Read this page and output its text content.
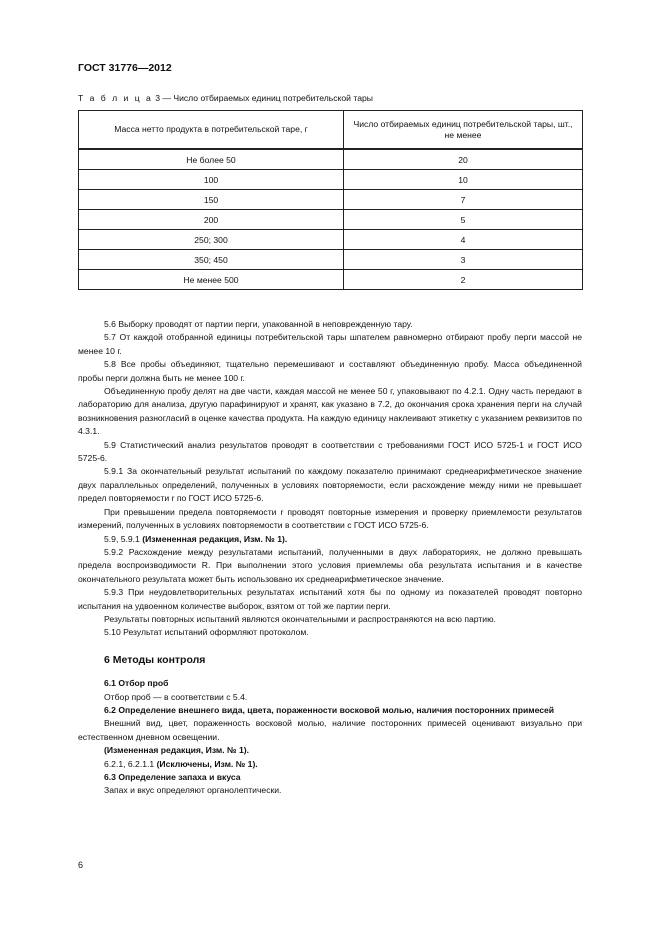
ГОСТ 31776—2012
Т а б л и ц а 3 — Число отбираемых единиц потребительской тары
Масса нетто продукта в потребительской таре, г	Число отбираемых единиц потребительской тары, шт., не менее
Не более 50	20
100	10
150	7
200	5
250; 300	4
350; 450	3
Не менее 500	2

5.6 Выборку проводят от партии перги, упакованной в неповрежденную тару.

5.7 От каждой отобранной единицы потребительской тары шпателем равномерно отбирают пробу перги массой не менее 10 г.

5.8 Все пробы объединяют, тщательно перемешивают и составляют объединенную пробу. Масса объединенной пробы перги должна быть не менее 100 г.

Объединенную пробу делят на две части, каждая массой не менее 50 г, упаковывают по 4.2.1. Одну часть передают в лабораторию для анализа, другую парафинируют и хранят, как указано в 7.2, до окончания срока хранения перги на случай возникновения разногласий в оценке качества продукта. На каждую единицу наклеивают этикетку с указанием реквизитов по 4.3.1.

5.9 Статистический анализ результатов проводят в соответствии с требованиями ГОСТ ИСО 5725-1 и ГОСТ ИСО 5725-6.

5.9.1 За окончательный результат испытаний по каждому показателю принимают среднеарифметическое значение двух параллельных определений, полученных в условиях повторяемости, если расхождение между ними не превышает предел повторяемости r по ГОСТ ИСО 5725-6.

При превышении предела повторяемости r проводят повторные измерения и проверку приемлемости результатов измерений, полученных в условиях повторяемости в соответствии с ГОСТ ИСО 5725-6.

5.9, 5.9.1 (Измененная редакция, Изм. № 1).

5.9.2 Расхождение между результатами испытаний, полученными в двух лабораториях, не должно превышать предела воспроизводимости R. При выполнении этого условия приемлемы оба результата испытания и в качестве окончательного результата может быть использовано их среднеарифметическое значение.

5.9.3 При неудовлетворительных результатах испытаний хотя бы по одному из показателей проводят повторно испытания на удвоенном количестве выборок, взятом от той же партии перги.

Результаты повторных испытаний являются окончательными и распространяются на всю партию.

5.10 Результат испытаний оформляют протоколом.

6 Методы контроля

6.1 Отбор проб

Отбор проб — в соответствии с 5.4.

6.2 Определение внешнего вида, цвета, пораженности восковой молью, наличия посторонних примесей

Внешний вид, цвет, пораженность восковой молью, наличие посторонних примесей оценивают визуально при естественном дневном освещении.

(Измененная редакция, Изм. № 1).

6.2.1, 6.2.1.1 (Исключены, Изм. № 1).

6.3 Определение запаха и вкуса

Запах и вкус определяют органолептически.

6
